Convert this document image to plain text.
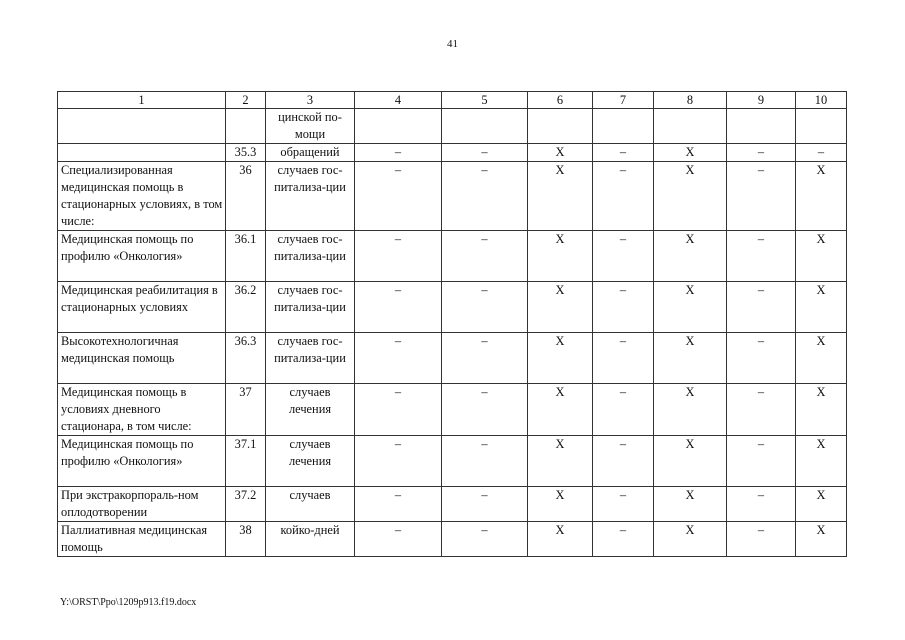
41
1	2	3	4	5	6	7	8	9	10
		цинской по-мощи							
	35.3	обращений	–	–	Х	–	Х	–	–
Специализированная медицинская помощь в стационарных условиях, в том числе:	36	случаев гос-питализа-ции	–	–	Х	–	Х	–	Х
Медицинская помощь по профилю «Онкология»	36.1	случаев гос-питализа-ции	–	–	Х	–	Х	–	Х
Медицинская реабилитация в стационарных условиях	36.2	случаев гос-питализа-ции	–	–	Х	–	Х	–	Х
Высокотехнологичная медицинская помощь	36.3	случаев гос-питализа-ции	–	–	Х	–	Х	–	Х
Медицинская помощь в условиях дневного стационара, в том числе:	37	случаев лечения	–	–	Х	–	Х	–	Х
Медицинская помощь по профилю «Онкология»	37.1	случаев лечения	–	–	Х	–	Х	–	Х
При экстракорпораль-ном оплодотворении	37.2	случаев	–	–	Х	–	Х	–	Х
Паллиативная медицинская помощь	38	койко-дней	–	–	Х	–	Х	–	Х
Y:\ORST\Ppo\1209p913.f19.docx
